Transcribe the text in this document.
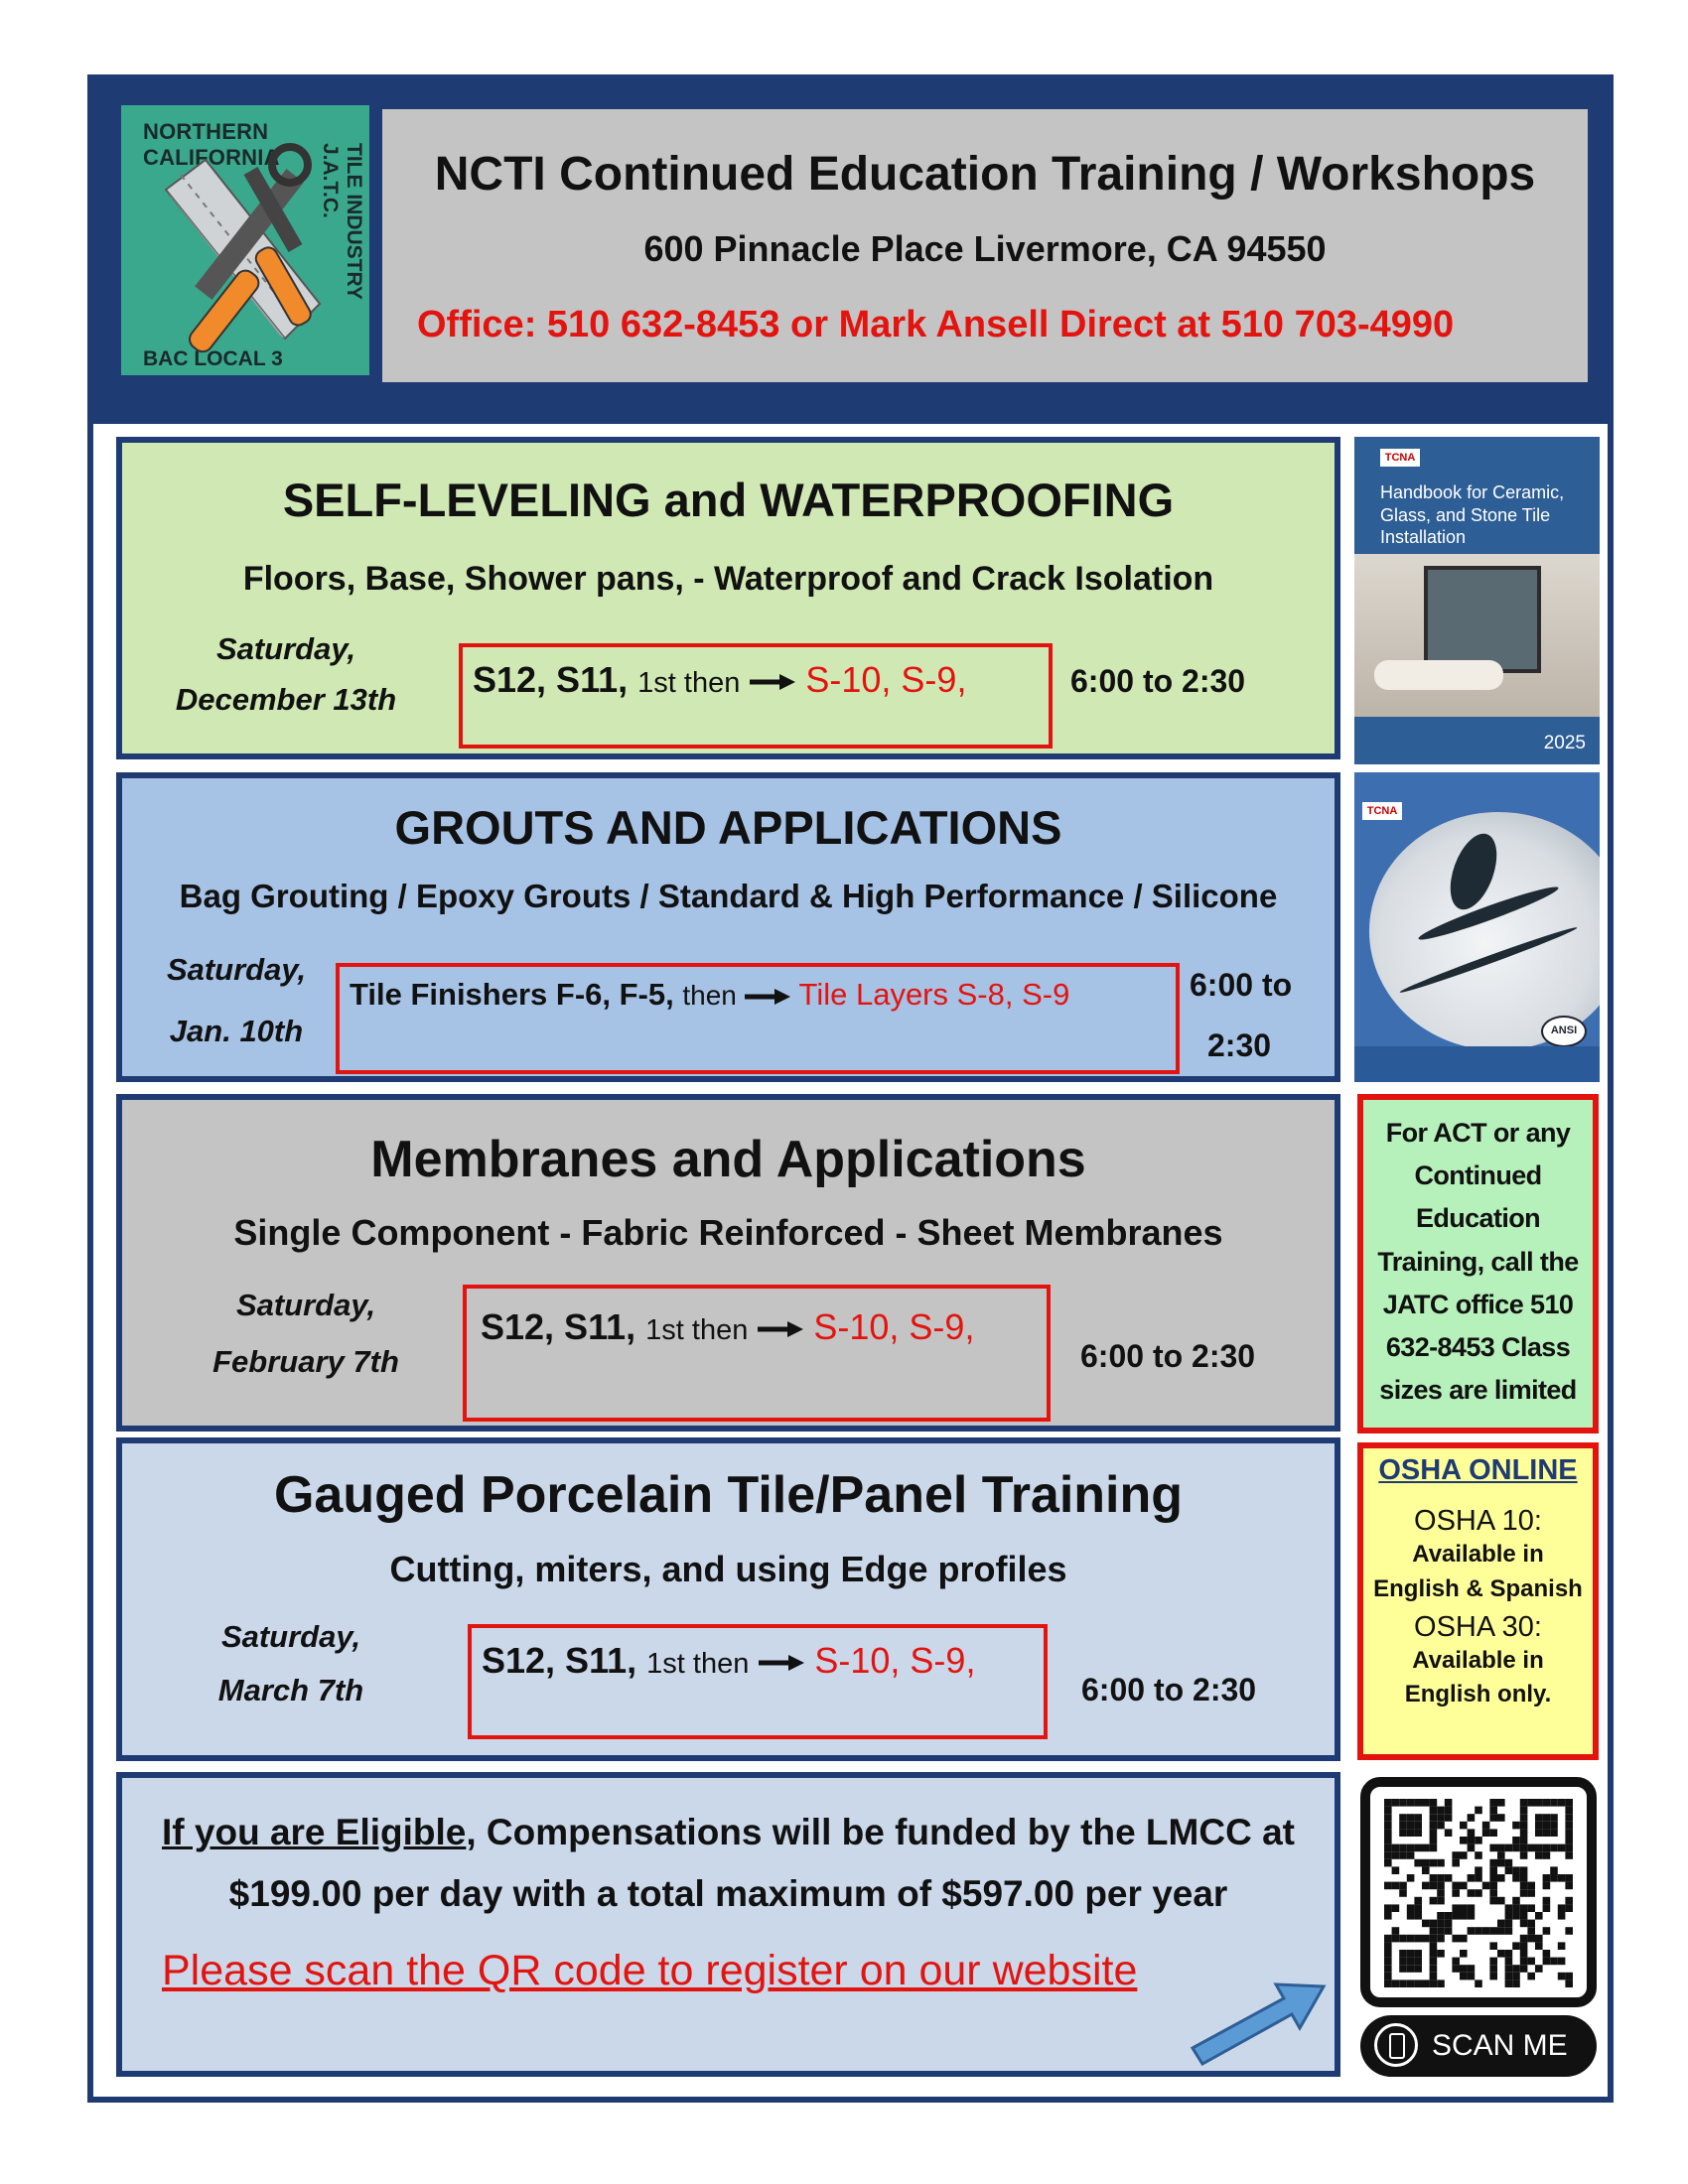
NORTHERN CALIFORNIA	TILE INDUSTRY J.A.T.C.
BAC LOCAL 3
NCTI Continued Education Training / Workshops
600 Pinnacle Place Livermore, CA 94550
Office: 510 632-8453 or Mark Ansell Direct at 510 703-4990
SELF-LEVELING and WATERPROOFING
Floors, Base, Shower pans, - Waterproof and Crack Isolation
Saturday,
December 13th	S12, S11, 1st then S-10, S-9,	6:00 to 2:30
GROUTS AND APPLICATIONS
Bag Grouting / Epoxy Grouts / Standard & High Performance / Silicone
Saturday,
Jan. 10th
Tile Finishers F-6, F-5, then Tile Layers S-8, S-9	6:00 to
2:30
Membranes and Applications
Single Component - Fabric Reinforced - Sheet Membranes
Saturday,
February 7th
S12, S11, 1st then S-10, S-9,
6:00 to 2:30
Gauged Porcelain Tile/Panel Training
Cutting, miters, and using Edge profiles
Saturday,
March 7th
S12, S11, 1st then S-10, S-9,
6:00 to 2:30
If you are Eligible, Compensations will be funded by the LMCC at
$199.00 per day with a total maximum of $597.00 per year
Please scan the QR code to register on our website
TCNA
Handbook for Ceramic, Glass, and Stone Tile Installation
2025
TCNA
ANSI
For ACT or any Continued Education Training, call the JATC office 510 632-8453 Class sizes are limited
OSHA ONLINE
OSHA 10:
Available in
English & Spanish
OSHA 30:
Available in
English only.
SCAN ME
